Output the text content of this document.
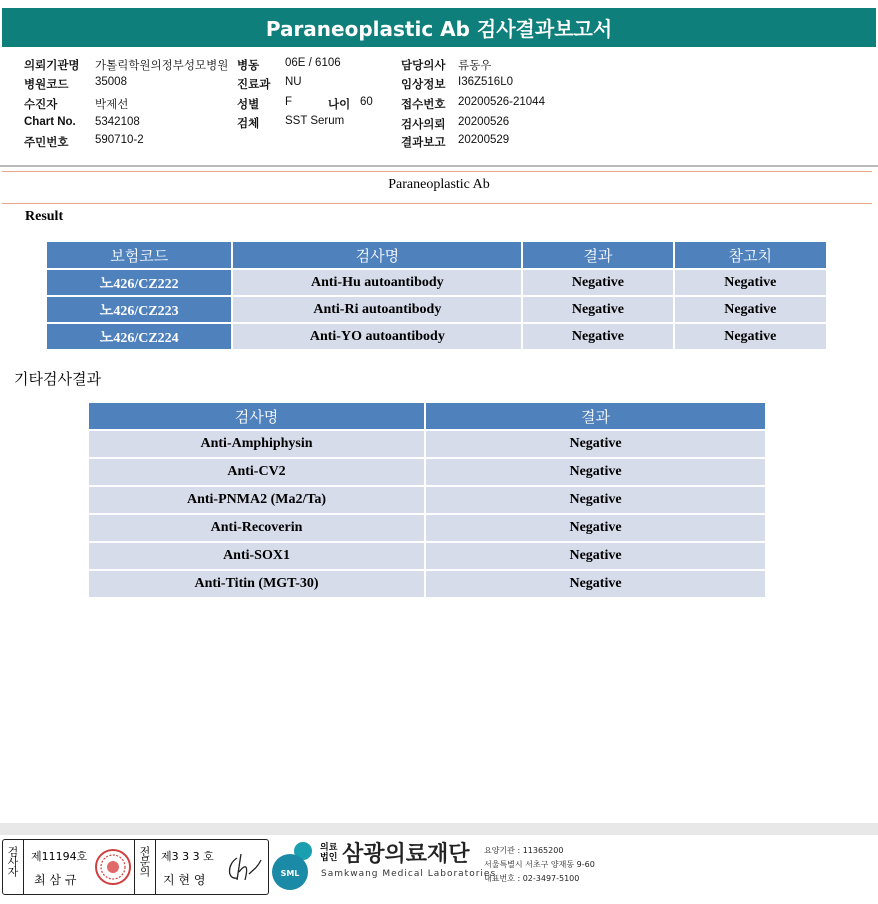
Paraneoplastic Ab 검사결과보고서
의뢰기관명 가톨릭학원의정부성모병원
병원코드 35008
수진자	박제선
Chart No. 5342108
주민번호 590710-2
병동 06E / 6106
진료과 NU
성별 F	나이 60
검체 SST Serum
담당의사 류동우
임상정보 I36Z516L0
접수번호 20200526-21044
검사의뢰 20200526
결과보고 20200529
Paraneoplastic Ab
Result
보험코드	검사명	결과	참고치
노426/CZ222	Anti-Hu autoantibody	Negative	Negative
노426/CZ223	Anti-Ri autoantibody	Negative	Negative
노426/CZ224	Anti-YO autoantibody	Negative	Negative
기타검사결과
검사명	결과
Anti-Amphiphysin	Negative
Anti-CV2	Negative
Anti-PNMA2 (Ma2/Ta)	Negative
Anti-Recoverin	Negative
Anti-SOX1	Negative
Anti-Titin (MGT-30)	Negative
검사자 제11194호
최 삼 규
전문의 제3 3 3 호
지 현 영	SML
의료
법인 삼광의료재단
Samkwang Medical Laboratories
요양기관 : 11365200
서울특별시 서초구 양재동 9-60
대표번호 : 02-3497-5100
